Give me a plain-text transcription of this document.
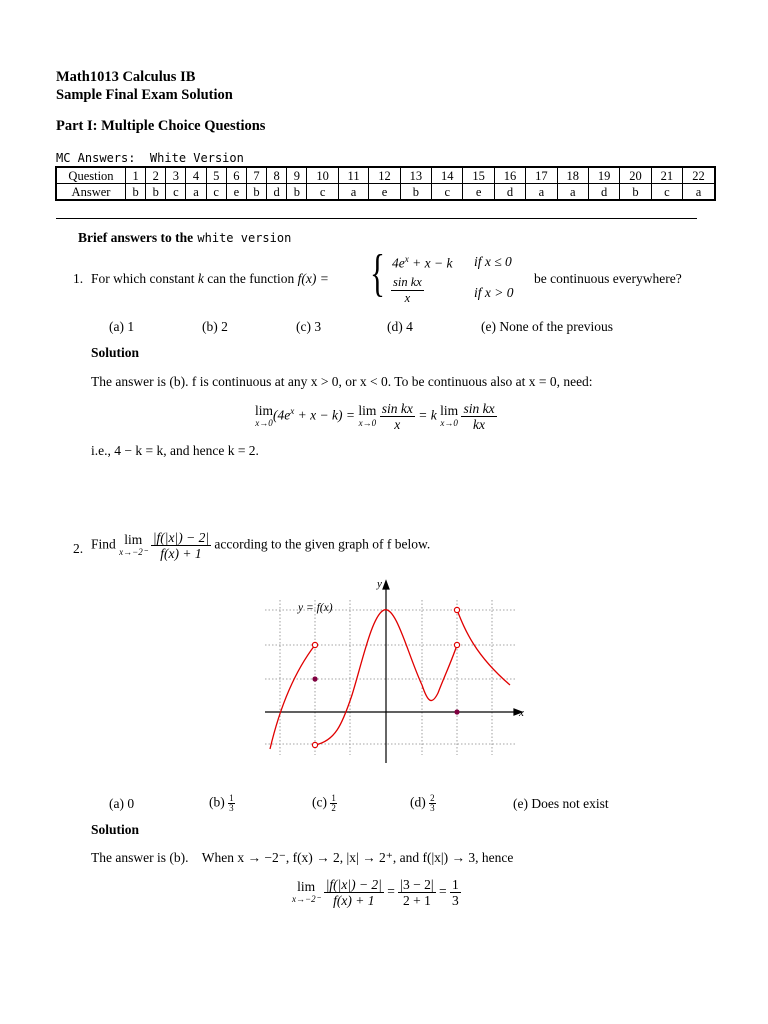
Math1013 Calculus IB
Sample Final Exam Solution
Part I: Multiple Choice Questions
MC Answers:  White Version
Question	1	2	3	4	5	6	7	8	9	10	11	12	13	14	15	16	17	18	19	20	21	22
Answer	b	b	c	a	c	e	b	d	b	c	a	e	b	c	e	d	a	a	d	b	c	a
Brief answers to the white version
1. For which constant k can the function f(x) = { $4e^x + x - k$ if x ≤ 0
$\frac{\text{sin kx}}{x}$	if x > 0
be continuous everywhere?
(a) 1	(b) 2	(c) 3	(d) 4	(e) None of the previous
Solution
The answer is (b). f is continuous at any x > 0, or x < 0. To be continuous also at x = 0, need:
lim
x→0 $(4e^x + x - k) = \lim$
x→0
$\frac{\text{sin kx}}{x} = k$ lim
x→0
$\frac{\text{sin kx}}{kx}$
i.e., 4 − k = k, and hence k = 2.
2. Find lim
x→−2⁻
$\frac{|f(|x|) - 2|}{f(x) + 1}$ according to the given graph of f below.
y
x
y = f(x)
(a) 0	$(b) \frac{1}{3}$	$(c) \frac{1}{2}$	$(d) \frac{2}{3}$	(e) Does not exist
Solution
The answer is (b).    When x → −2⁻, f(x) → 2, |x| → 2⁺, and f(|x|) → 3, hence
lim
x→−2⁻
$\frac{|f(|x|) - 2|}{f(x) + 1} = \frac{|3 - 2|}{2 + 1} = \frac{1}{3}$
